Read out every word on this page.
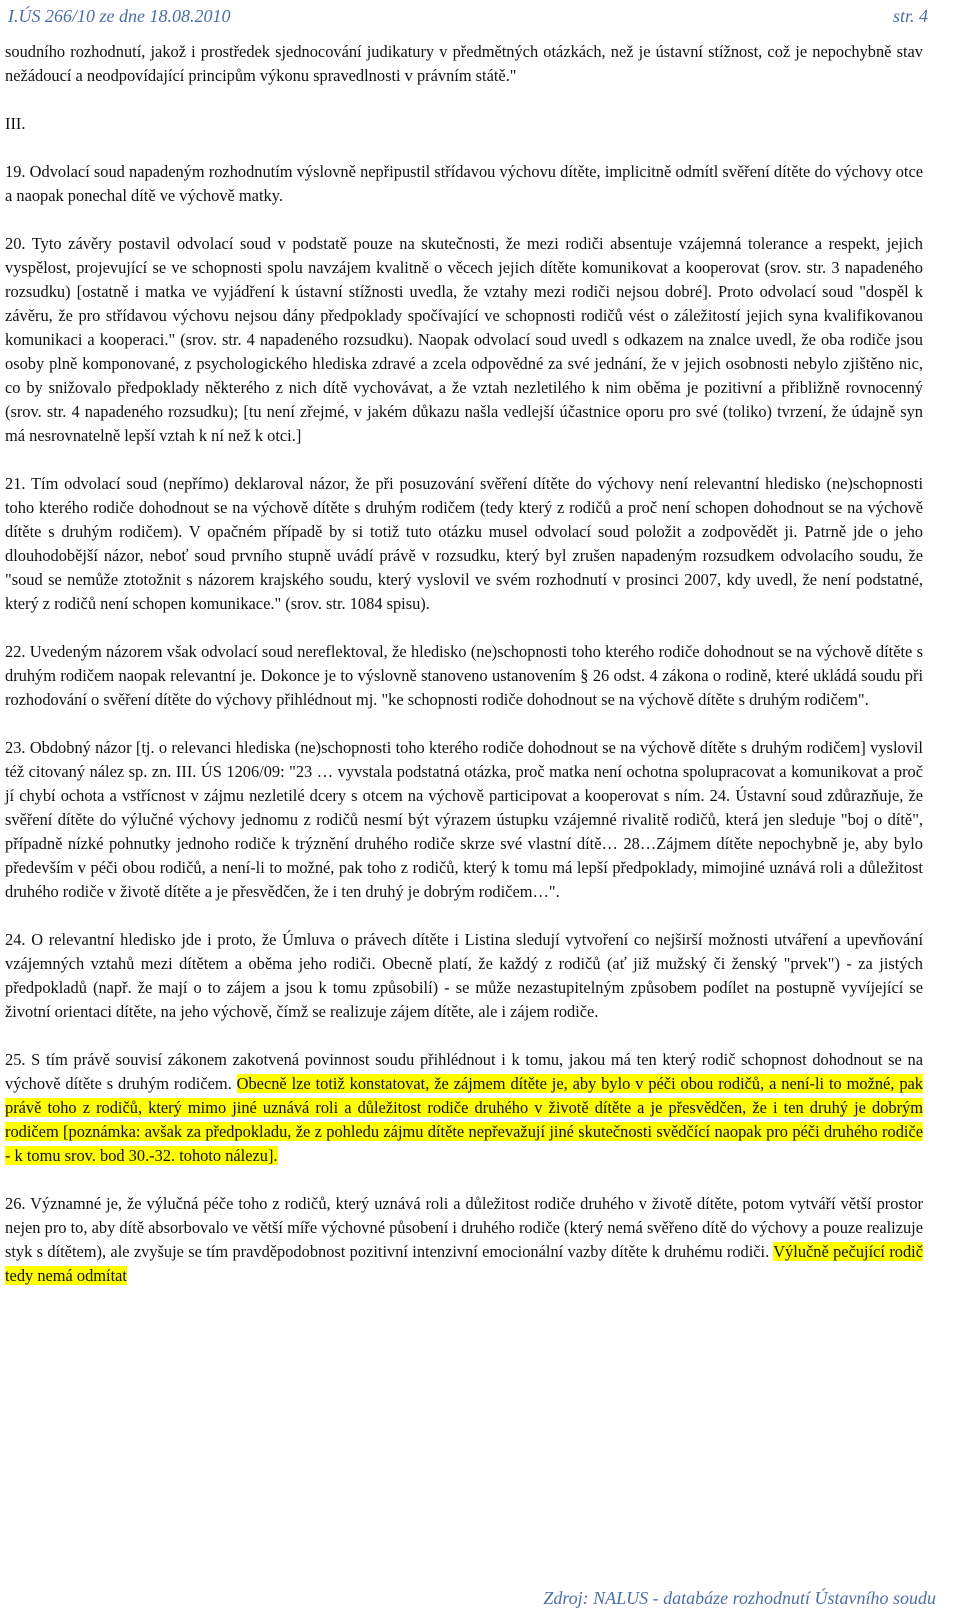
I.ÚS 266/10 ze dne 18.08.2010	str. 4

soudního rozhodnutí, jakož i prostředek sjednocování judikatury v předmětných otázkách, než je ústavní stížnost, což je nepochybně stav nežádoucí a neodpovídající principům výkonu spravedlnosti v právním státě."

III.

19. Odvolací soud napadeným rozhodnutím výslovně nepřipustil střídavou výchovu dítěte, implicitně odmítl svěření dítěte do výchovy otce a naopak ponechal dítě ve výchově matky.

20. Tyto závěry postavil odvolací soud v podstatě pouze na skutečnosti, že mezi rodiči absentuje vzájemná tolerance a respekt, jejich vyspělost, projevující se ve schopnosti spolu navzájem kvalitně o věcech jejich dítěte komunikovat a kooperovat (srov. str. 3 napadeného rozsudku) [ostatně i matka ve vyjádření k ústavní stížnosti uvedla, že vztahy mezi rodiči nejsou dobré]. Proto odvolací soud "dospěl k závěru, že pro střídavou výchovu nejsou dány předpoklady spočívající ve schopnosti rodičů vést o záležitostí jejich syna kvalifikovanou komunikaci a kooperaci." (srov. str. 4 napadeného rozsudku). Naopak odvolací soud uvedl s odkazem na znalce uvedl, že oba rodiče jsou osoby plně komponované, z psychologického hlediska zdravé a zcela odpovědné za své jednání, že v jejich osobnosti nebylo zjištěno nic, co by snižovalo předpoklady některého z nich dítě vychovávat, a že vztah nezletilého k nim oběma je pozitivní a přibližně rovnocenný (srov. str. 4 napadeného rozsudku); [tu není zřejmé, v jakém důkazu našla vedlejší účastnice oporu pro své (toliko) tvrzení, že údajně syn má nesrovnatelně lepší vztah k ní než k otci.]

21. Tím odvolací soud (nepřímo) deklaroval názor, že při posuzování svěření dítěte do výchovy není relevantní hledisko (ne)schopnosti toho kterého rodiče dohodnout se na výchově dítěte s druhým rodičem (tedy který z rodičů a proč není schopen dohodnout se na výchově dítěte s druhým rodičem). V opačném případě by si totiž tuto otázku musel odvolací soud položit a zodpovědět ji. Patrně jde o jeho dlouhodobější názor, neboť soud prvního stupně uvádí právě v rozsudku, který byl zrušen napadeným rozsudkem odvolacího soudu, že "soud se nemůže ztotožnit s názorem krajského soudu, který vyslovil ve svém rozhodnutí v prosinci 2007, kdy uvedl, že není podstatné, který z rodičů není schopen komunikace." (srov. str. 1084 spisu).

22. Uvedeným názorem však odvolací soud nereflektoval, že hledisko (ne)schopnosti toho kterého rodiče dohodnout se na výchově dítěte s druhým rodičem naopak relevantní je. Dokonce je to výslovně stanoveno ustanovením § 26 odst. 4 zákona o rodině, které ukládá soudu při rozhodování o svěření dítěte do výchovy přihlédnout mj. "ke schopnosti rodiče dohodnout se na výchově dítěte s druhým rodičem".

23. Obdobný názor [tj. o relevanci hlediska (ne)schopnosti toho kterého rodiče dohodnout se na výchově dítěte s druhým rodičem] vyslovil též citovaný nález sp. zn. III. ÚS 1206/09: "23 … vyvstala podstatná otázka, proč matka není ochotna spolupracovat a komunikovat a proč jí chybí ochota a vstřícnost v zájmu nezletilé dcery s otcem na výchově participovat a kooperovat s ním. 24. Ústavní soud zdůrazňuje, že svěření dítěte do výlučné výchovy jednomu z rodičů nesmí být výrazem ústupku vzájemné rivalitě rodičů, která jen sleduje "boj o dítě", případně nízké pohnutky jednoho rodiče k trýznění druhého rodiče skrze své vlastní dítě… 28…Zájmem dítěte nepochybně je, aby bylo především v péči obou rodičů, a není-li to možné, pak toho z rodičů, který k tomu má lepší předpoklady, mimojiné uznává roli a důležitost druhého rodiče v životě dítěte a je přesvědčen, že i ten druhý je dobrým rodičem…".

24. O relevantní hledisko jde i proto, že Úmluva o právech dítěte i Listina sledují vytvoření co nejširší možnosti utváření a upevňování vzájemných vztahů mezi dítětem a oběma jeho rodiči. Obecně platí, že každý z rodičů (ať již mužský či ženský "prvek") - za jistých předpokladů (např. že mají o to zájem a jsou k tomu způsobilí) - se může nezastupitelným způsobem podílet na postupně vyvíjející se životní orientaci dítěte, na jeho výchově, čímž se realizuje zájem dítěte, ale i zájem rodiče.

25. S tím právě souvisí zákonem zakotvená povinnost soudu přihlédnout i k tomu, jakou má ten který rodič schopnost dohodnout se na výchově dítěte s druhým rodičem. Obecně lze totiž konstatovat, že zájmem dítěte je, aby bylo v péči obou rodičů, a není-li to možné, pak právě toho z rodičů, který mimo jiné uznává roli a důležitost rodiče druhého v životě dítěte a je přesvědčen, že i ten druhý je dobrým rodičem [poznámka: avšak za předpokladu, že z pohledu zájmu dítěte nepřevažují jiné skutečnosti svědčící naopak pro péči druhého rodiče - k tomu srov. bod 30.-32. tohoto nálezu].

26. Významné je, že výlučná péče toho z rodičů, který uznává roli a důležitost rodiče druhého v životě dítěte, potom vytváří větší prostor nejen pro to, aby dítě absorbovalo ve větší míře výchovné působení i druhého rodiče (který nemá svěřeno dítě do výchovy a pouze realizuje styk s dítětem), ale zvyšuje se tím pravděpodobnost pozitivní intenzivní emocionální vazby dítěte k druhému rodiči. Výlučně pečující rodič tedy nemá odmítat

Zdroj: NALUS - databáze rozhodnutí Ústavního soudu
